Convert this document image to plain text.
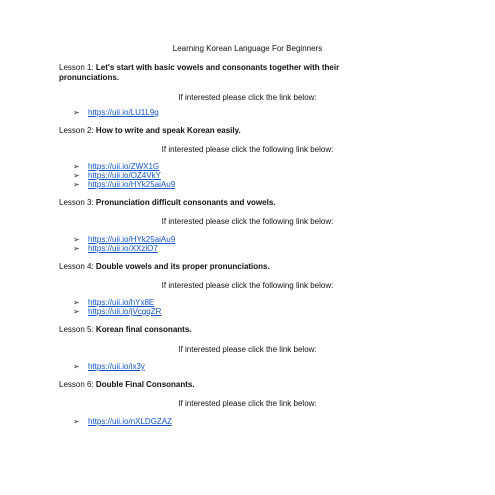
Learning Korean Language For Beginners
Lesson 1: Let's start with basic vowels and consonants together with their pronunciations.
If interested please click the link below:
➢ https://uii.io/LU1L9g
Lesson 2: How to write and speak Korean easily.
If interested please click the following link below:
➢ https://uii.io/ZWX1G
➢ https://uii.io/OZ4VkY
➢ https://uii.io/HYk25aiAu9
Lesson 3: Pronunciation difficult consonants and vowels.
If interested please click the following link below:
➢ https://uii.io/HYk25aiAu9
➢ https://uii.io/XXzlO7
Lesson 4: Double vowels and its proper pronunciations.
If interested please click the following link below:
➢ https://uii.io/hYx8E
➢ https://uii.io/jVcgqZR
Lesson 5: Korean final consonants.
If interested please click the link below:
➢ https://uii.io/ix3y
Lesson 6: Double Final Consonants.
If interested please click the link below:
➢ https://uii.io/nXLDGZAZ
